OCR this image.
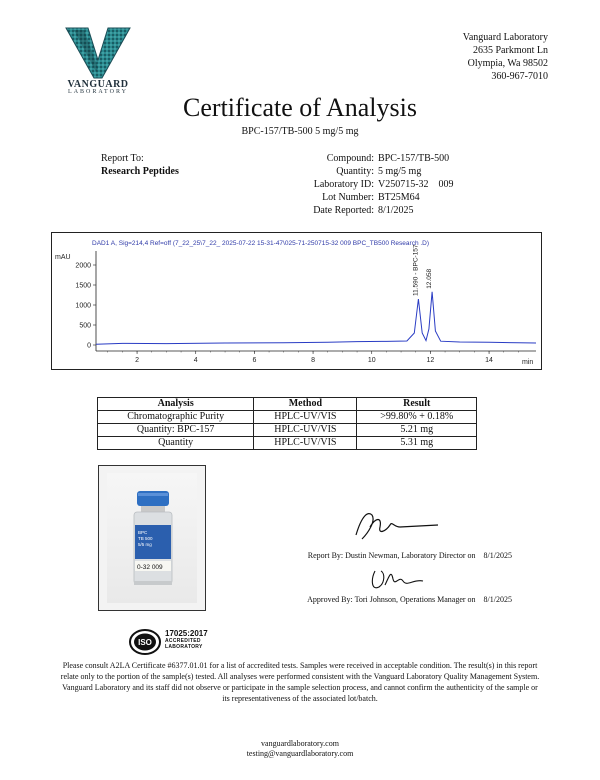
VANGUARD
LABORATORY
Vanguard Laboratory
2635 Parkmont Ln
Olympia, Wa 98502
360-967-7010
Certificate of Analysis
BPC-157/TB-500 5 mg/5 mg
Report To:
Research Peptides
Compound: BPC-157/TB-500
Quantity: 5 mg/5 mg
Laboratory ID: V250715-32    009
Lot Number: BT25M64
Date Reported: 8/1/2025
DAD1 A, Sig=214,4 Ref=off (7_22_25\7_22_ 2025-07-22 15-31-47\025-71-250715-32 009 BPC_TB500 Research .D)
mAU
min
2000
1500
1000
500
0
2	4	6	8	10	12	14
11.590 - BPC-157 12.058
Analysis	Method	Result
Chromatographic Purity	HPLC-UV/VIS	>99.80% + 0.18%
Quantity: BPC-157	HPLC-UV/VIS	5.21 mg
Quantity	HPLC-UV/VIS	5.31 mg
BPC
TB 500
5/5 mg
0-32 009
Report By: Dustin Newman, Laboratory Director on 8/1/2025
Approved By: Tori Johnson, Operations Manager on 8/1/2025
ISO
17025:2017
ACCREDITED
LABORATORY
Please consult A2LA Certificate #6377.01.01 for a list of accredited tests. Samples were received in acceptable condition. The result(s) in this report relate only to the portion of the sample(s) tested. All analyses were performed consistent with the Vanguard Laboratory Quality Management System. Vanguard Laboratory and its staff did not observe or participate in the sample selection process, and cannot confirm the authenticity of the sample or its representativeness of the associated lot/batch.
vanguardlaboratory.com
testing@vanguardlaboratory.com
